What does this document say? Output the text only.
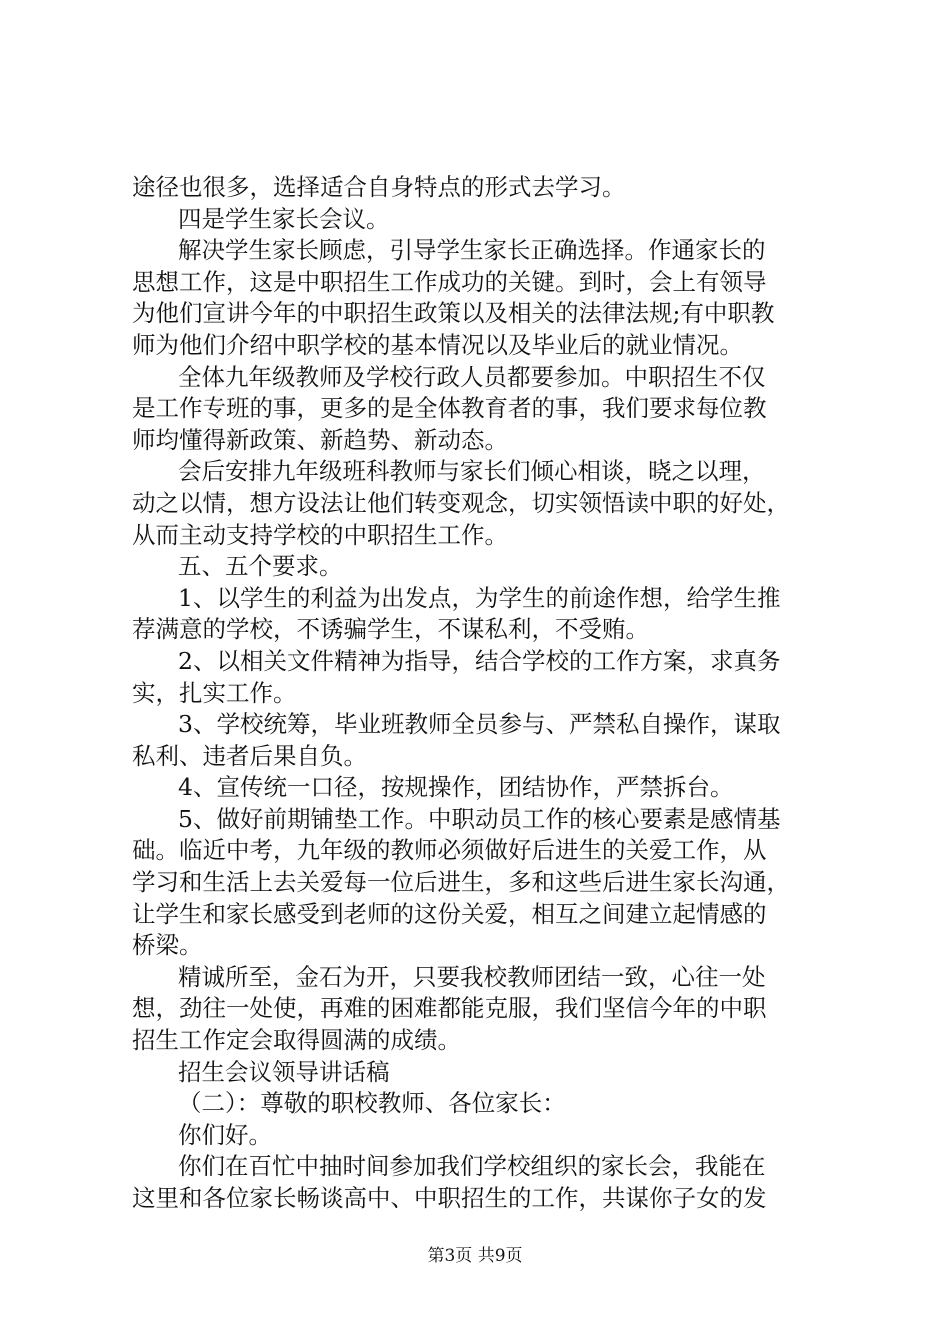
途径也很多，选择适合自身特点的形式去学习。
四是学生家长会议。
解决学生家长顾虑，引导学生家长正确选择。作通家长的
思想工作，这是中职招生工作成功的关键。到时，会上有领导
为他们宣讲今年的中职招生政策以及相关的法律法规;有中职教
师为他们介绍中职学校的基本情况以及毕业后的就业情况。
全体九年级教师及学校行政人员都要参加。中职招生不仅
是工作专班的事，更多的是全体教育者的事，我们要求每位教
师均懂得新政策、新趋势、新动态。
会后安排九年级班科教师与家长们倾心相谈，晓之以理，
动之以情，想方设法让他们转变观念，切实领悟读中职的好处，
从而主动支持学校的中职招生工作。
五、五个要求。
1、以学生的利益为出发点，为学生的前途作想，给学生推
荐满意的学校，不诱骗学生，不谋私利，不受贿。
2、以相关文件精神为指导，结合学校的工作方案，求真务
实，扎实工作。
3、学校统筹，毕业班教师全员参与、严禁私自操作，谋取
私利、违者后果自负。
4、宣传统一口径，按规操作，团结协作，严禁拆台。
5、做好前期铺垫工作。中职动员工作的核心要素是感情基
础。临近中考，九年级的教师必须做好后进生的关爱工作，从
学习和生活上去关爱每一位后进生，多和这些后进生家长沟通，
让学生和家长感受到老师的这份关爱，相互之间建立起情感的
桥梁。
精诚所至，金石为开，只要我校教师团结一致，心往一处
想，劲往一处使，再难的困难都能克服，我们坚信今年的中职
招生工作定会取得圆满的成绩。
招生会议领导讲话稿
（二）：尊敬的职校教师、各位家长：
你们好。
你们在百忙中抽时间参加我们学校组织的家长会，我能在
这里和各位家长畅谈高中、中职招生的工作，共谋你子女的发
第3页 共9页
